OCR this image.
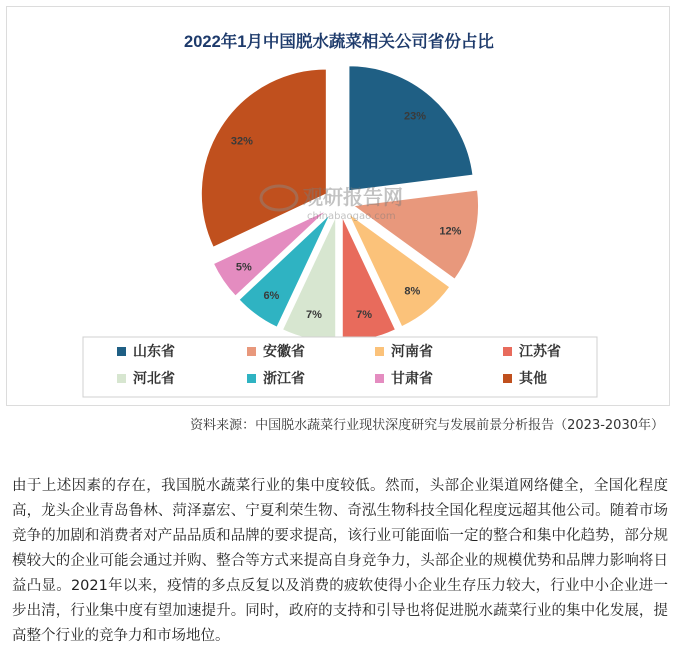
2022年1月中国脱水蔬菜相关公司省份占比
23%
12%
8%
7%
7%
6%
5%
32%
观研报告网
chinabaogao.com
山东省	安徽省	河南省	江苏省
河北省	浙江省	甘肃省	其他
资料来源：中国脱水蔬菜行业现状深度研究与发展前景分析报告（2023-2030年）

由于上述因素的存在，我国脱水蔬菜行业的集中度较低。然而，头部企业渠道网络健全，全国化程度高，龙头企业青岛鲁林、菏泽嘉宏、宁夏利荣生物、奇泓生物科技全国化程度远超其他公司。随着市场竞争的加剧和消费者对产品品质和品牌的要求提高，该行业可能面临一定的整合和集中化趋势，部分规模较大的企业可能会通过并购、整合等方式来提高自身竞争力，头部企业的规模优势和品牌力影响将日益凸显。2021年以来，疫情的多点反复以及消费的疲软使得小企业生存压力较大，行业中小企业进一步出清，行业集中度有望加速提升。同时，政府的支持和引导也将促进脱水蔬菜行业的集中化发展，提高整个行业的竞争力和市场地位。
